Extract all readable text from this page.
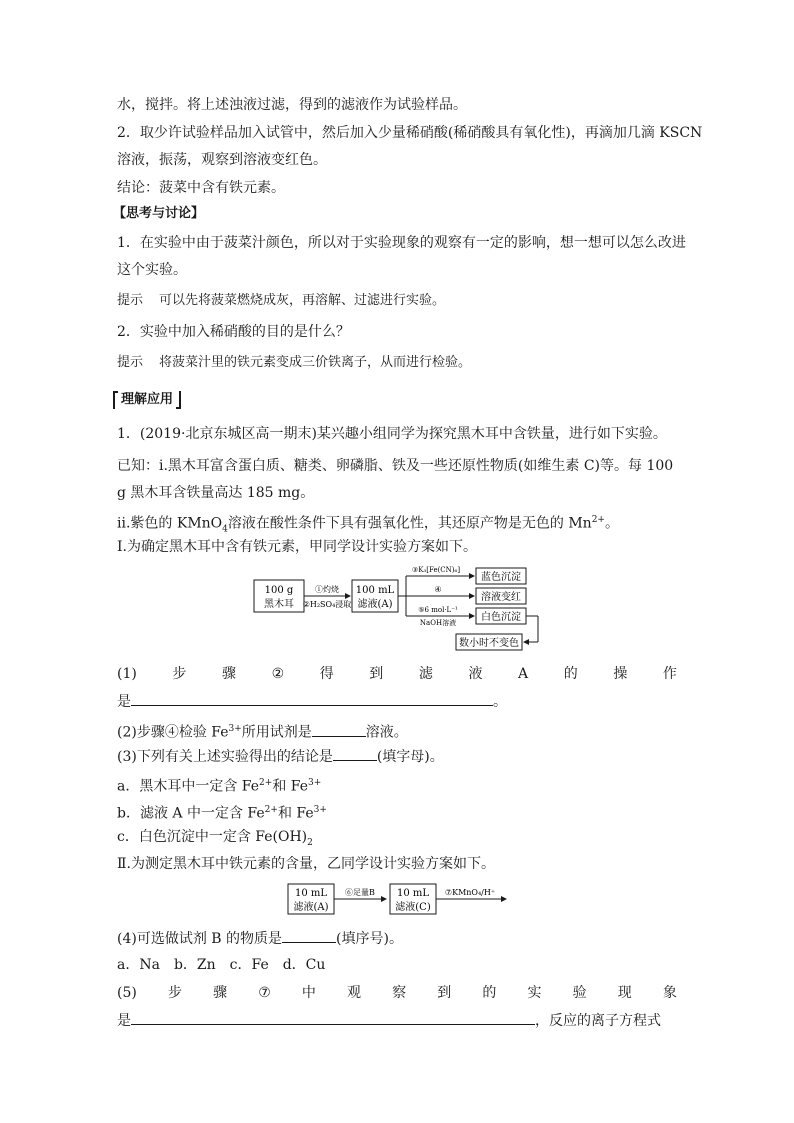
水，搅拌。将上述浊液过滤，得到的滤液作为试验样品。
2．取少许试验样品加入试管中，然后加入少量稀硝酸(稀硝酸具有氧化性)，再滴加几滴 KSCN
溶液，振荡，观察到溶液变红色。
结论：菠菜中含有铁元素。
【思考与讨论】
1．在实验中由于菠菜汁颜色，所以对于实验现象的观察有一定的影响，想一想可以怎么改进
这个实验。
提示 可以先将菠菜燃烧成灰，再溶解、过滤进行实验。
2．实验中加入稀硝酸的目的是什么？
提示 将菠菜汁里的铁元素变成三价铁离子，从而进行检验。
理解应用
1．(2019·北京东城区高一期末)某兴趣小组同学为探究黑木耳中含铁量，进行如下实验。
已知：ⅰ.黑木耳富含蛋白质、糖类、卵磷脂、铁及一些还原性物质(如维生素 C)等。每 100
g 黑木耳含铁量高达 185 mg。
ⅱ.紫色的 KMnO$_4$溶液在酸性条件下具有强氧化性，其还原产物是无色的 $Mn^{2+}$。
Ⅰ.为确定黑木耳中含有铁元素，甲同学设计实验方案如下。
100 g
黑木耳
①灼烧
②H₂SO₄浸取
100 mL
滤液(A)
③K₃[Fe(CN)₆]
④
⑤6 mol·L⁻¹
NaOH溶液
蓝色沉淀
溶液变红
白色沉淀
数小时不变色
(1)	步	骤	②	得	到	滤	液	A	的	操	作
是	。
(2)步骤④检验 $Fe^{3+}$所用试剂是	溶液。
(3)下列有关上述实验得出的结论是	(填字母)。
a．黑木耳中一定含 $Fe^{2+}$和 $Fe^{3+}$
b．滤液 A 中一定含 $Fe^{2+}$和 $Fe^{3+}$
c．白色沉淀中一定含 $Fe(OH)_2$
Ⅱ.为测定黑木耳中铁元素的含量，乙同学设计实验方案如下。
10 mL
滤液(A)
⑥足量B 10 mL
滤液(C)
⑦KMnO₄/H⁺
(4)可选做试剂 B 的物质是	(填序号)。
a．Na　b．Zn　c．Fe　d．Cu
(5) 步 骤 ⑦ 中 观 察 到 的 实 验 现 象
是	，反应的离子方程式
